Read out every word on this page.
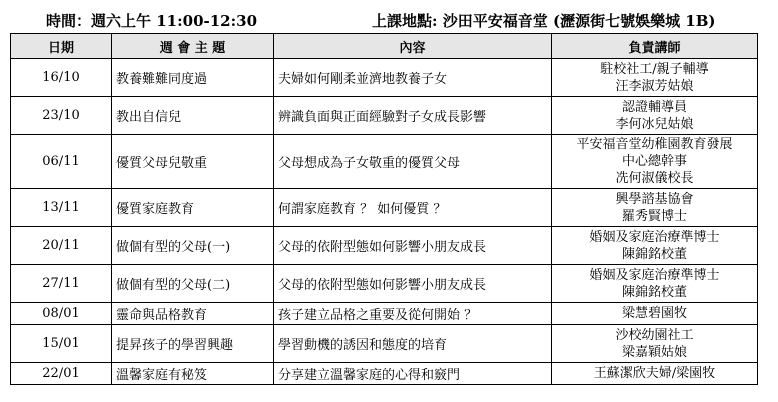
時間：週六上午 11:00-12:30	上課地點: 沙田平安福音堂 (瀝源街七號娛樂城 1B)
日期	週 會 主 題	內容	負責講師
16/10	教養難難同度過	夫婦如何剛柔並濟地教養子女	駐校社工/親子輔導
汪李淑芳姑娘

23/10	教出自信兒	辨識負面與正面經驗對子女成長影響	認證輔導員
李何冰兒姑娘

06/11	優質父母兒敬重	父母想成為子女敬重的優質父母	平安福音堂幼稚園教育發展
中心總幹事
冼何淑儀校長

13/11	優質家庭教育	何謂家庭教育 ？ 如何優質 ？	興學諮基協會
羅秀賢博士

20/11	做個有型的父母(一)	父母的依附型態如何影響小朋友成長	婚姻及家庭治療準博士
陳錦銘校董

27/11	做個有型的父母(二)	父母的依附型態如何影響小朋友成長	婚姻及家庭治療準博士
陳錦銘校董

08/01	靈命與品格教育	孩子建立品格之重要及從何開始 ？	梁慧碧園牧

15/01	提昇孩子的學習興趣	學習動機的誘因和態度的培育	沙校幼園社工
梁嘉穎姑娘

22/01	溫馨家庭有秘笈	分享建立溫馨家庭的心得和竅門	王蘇潔欣夫婦/梁園牧
